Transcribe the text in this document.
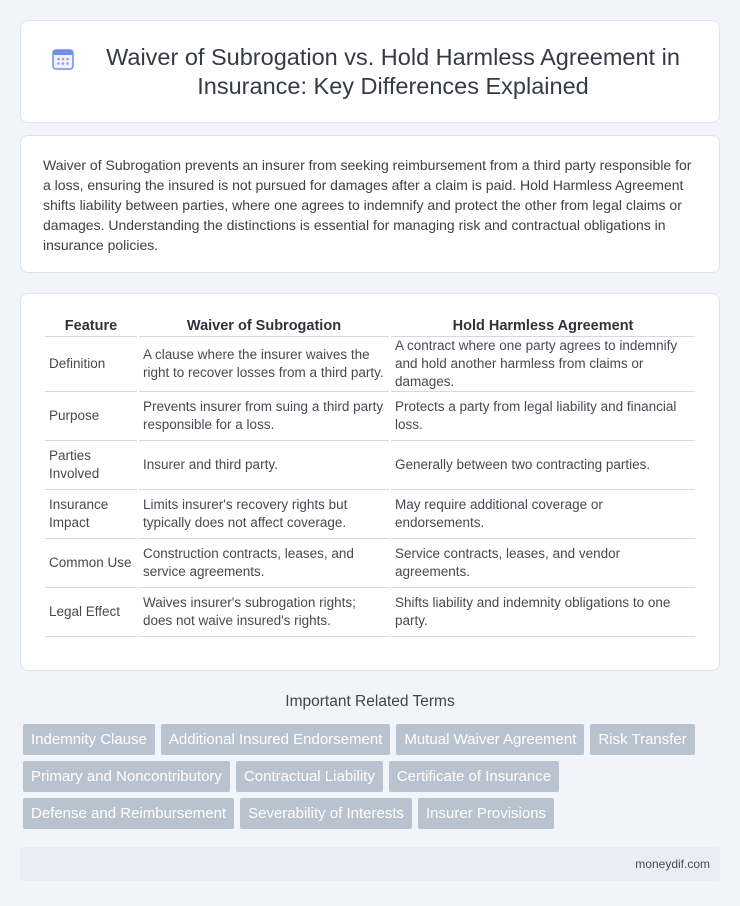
Waiver of Subrogation vs. Hold Harmless Agreement in Insurance: Key Differences Explained

Waiver of Subrogation prevents an insurer from seeking reimbursement from a third party responsible for a loss, ensuring the insured is not pursued for damages after a claim is paid. Hold Harmless Agreement shifts liability between parties, where one agrees to indemnify and protect the other from legal claims or damages. Understanding the distinctions is essential for managing risk and contractual obligations in insurance policies.

Feature	Waiver of Subrogation	Hold Harmless Agreement
Definition	A clause where the insurer waives the right to recover losses from a third party.	A contract where one party agrees to indemnify and hold another harmless from claims or damages.
Purpose	Prevents insurer from suing a third party responsible for a loss.	Protects a party from legal liability and financial loss.
Parties Involved	Insurer and third party.	Generally between two contracting parties.
Insurance Impact	Limits insurer's recovery rights but typically does not affect coverage.	May require additional coverage or endorsements.
Common Use	Construction contracts, leases, and service agreements.	Service contracts, leases, and vendor agreements.
Legal Effect	Waives insurer's subrogation rights; does not waive insured's rights.	Shifts liability and indemnity obligations to one party.
Important Related Terms
Indemnity Clause	Additional Insured Endorsement	Mutual Waiver Agreement	Risk Transfer
Primary and Noncontributory	Contractual Liability	Certificate of Insurance
Defense and Reimbursement	Severability of Interests	Insurer Provisions
moneydif.com
